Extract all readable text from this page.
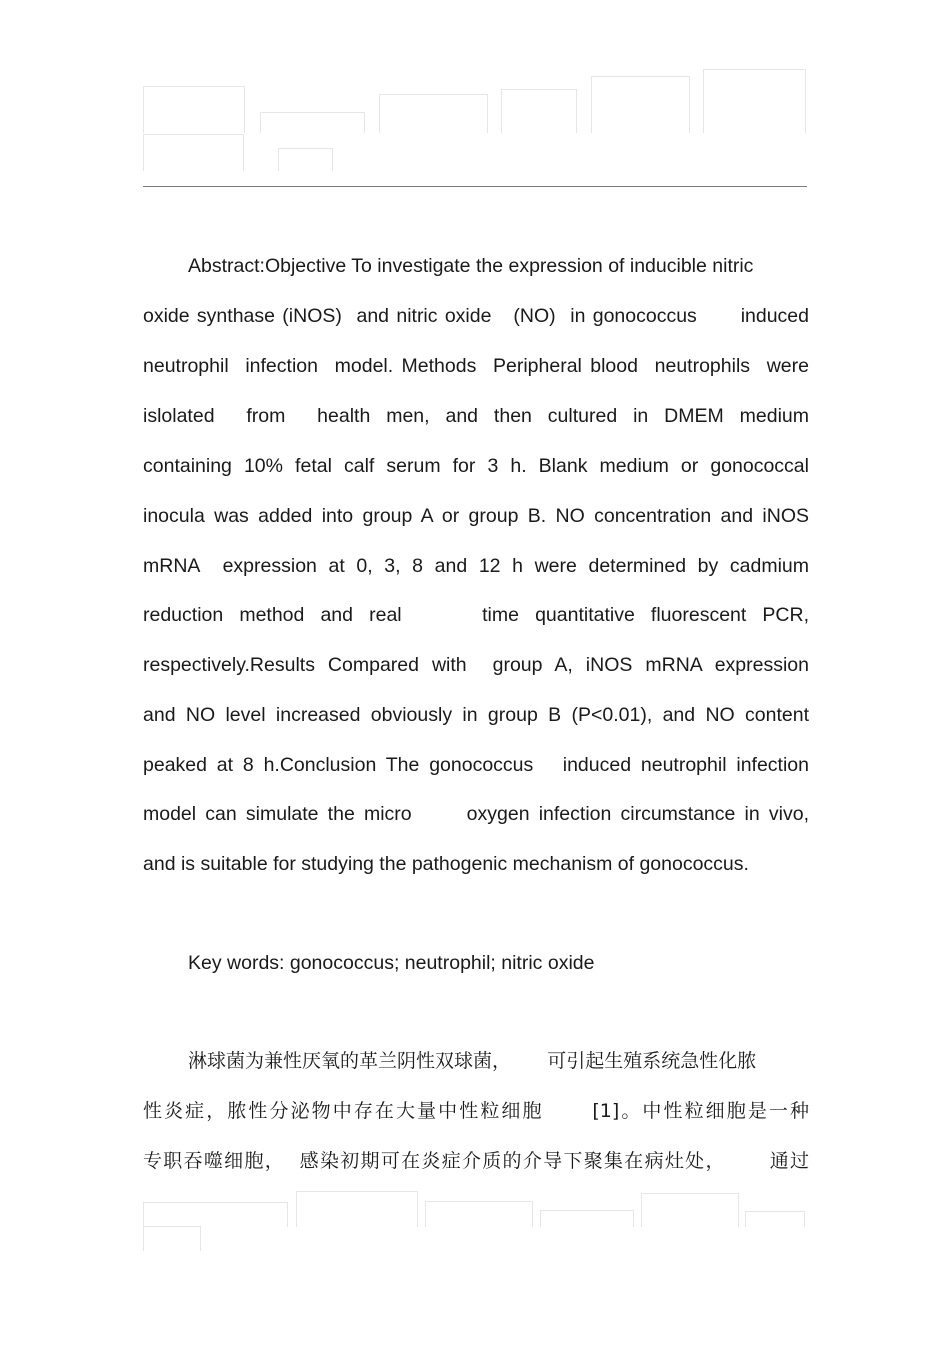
Abstract:Objective To investigate the expression of inducible nitric
oxide synthase (iNOS)  and nitric oxide   (NO)  in gonococcus      induced
neutrophil  infection  model. Methods  Peripheral blood  neutrophils  were
islolated  from  health men, and then cultured in DMEM medium
containing 10% fetal calf serum for 3 h. Blank medium or gonococcal
inocula was added into group A or group B. NO concentration and iNOS
mRNA  expression at 0, 3, 8 and 12 h were determined by cadmium
reduction  method  and  real          time  quantitative  fluorescent  PCR,
respectively.Results Compared with  group A, iNOS mRNA expression
and NO level increased obviously in group B (P<0.01), and NO content
peaked at 8 h.Conclusion The gonococcus   induced neutrophil infection
model can simulate the micro      oxygen infection circumstance in vivo,
and is suitable for studying the pathogenic mechanism of gonococcus.
Key words: gonococcus; neutrophil; nitric oxide
淋球菌为兼性厌氧的革兰阴性双球菌，      可引起生殖系统急性化脓
性炎症，脓性分泌物中存在大量中性粒细胞      [1]。中性粒细胞是一种
专职吞噬细胞，  感染初期可在炎症介质的介导下聚集在病灶处，      通过
